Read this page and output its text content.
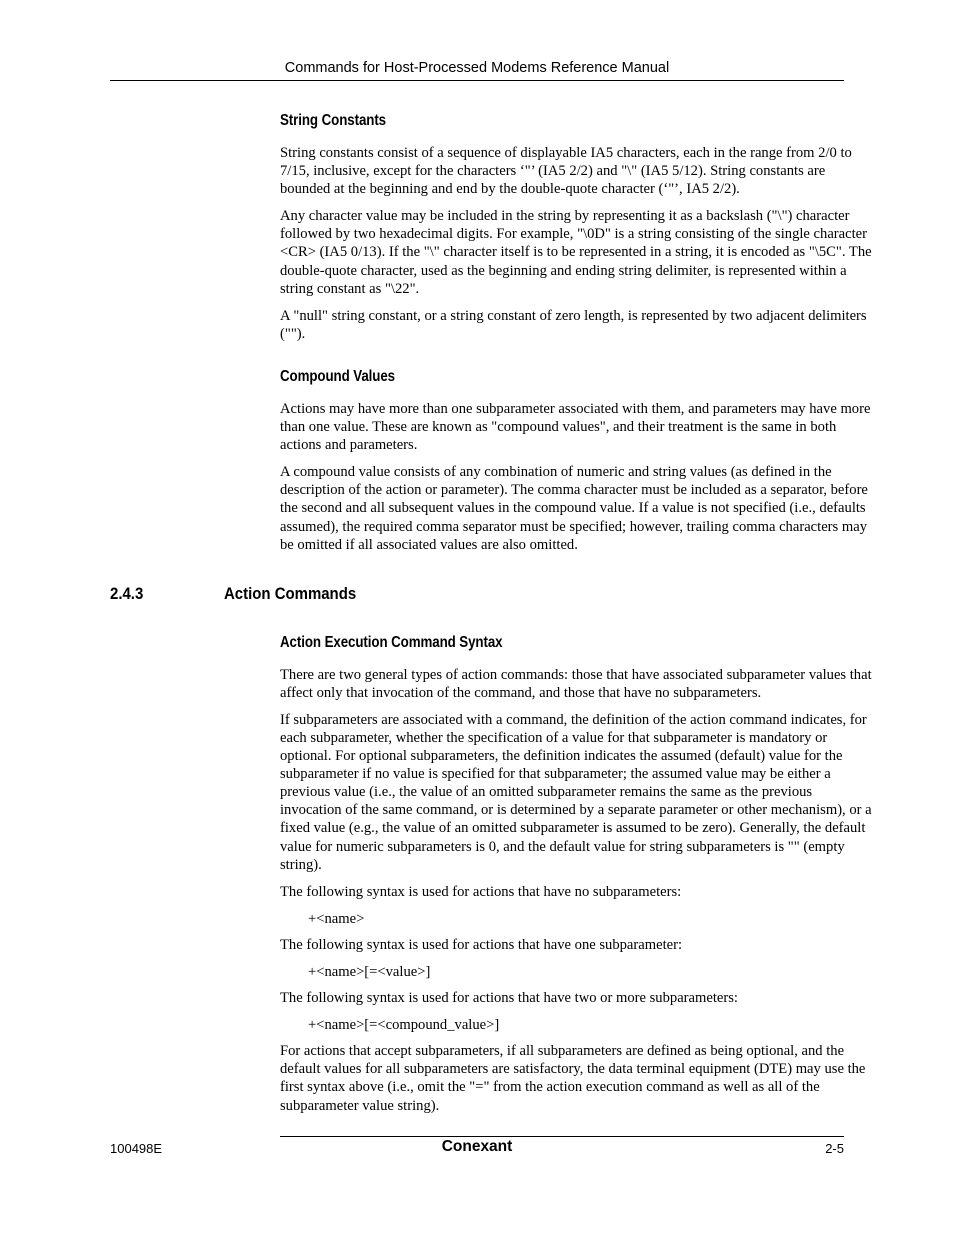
Commands for Host-Processed Modems Reference Manual
String Constants

String constants consist of a sequence of displayable IA5 characters, each in the range from 2/0 to 7/15, inclusive, except for the characters ‘"’ (IA5 2/2) and "\" (IA5 5/12). String constants are bounded at the beginning and end by the double-quote character (‘"’, IA5 2/2).

Any character value may be included in the string by representing it as a backslash ("\") character followed by two hexadecimal digits. For example, "\0D" is a string consisting of the single character <CR> (IA5 0/13). If the "\" character itself is to be represented in a string, it is encoded as "\5C". The double-quote character, used as the beginning and ending string delimiter, is represented within a string constant as "\22".

A "null" string constant, or a string constant of zero length, is represented by two adjacent delimiters ("").

Compound Values

Actions may have more than one subparameter associated with them, and parameters may have more than one value. These are known as "compound values", and their treatment is the same in both actions and parameters.

A compound value consists of any combination of numeric and string values (as defined in the description of the action or parameter). The comma character must be included as a separator, before the second and all subsequent values in the compound value. If a value is not specified (i.e., defaults assumed), the required comma separator must be specified; however, trailing comma characters may be omitted if all associated values are also omitted.

2.4.3	Action Commands
Action Execution Command Syntax

There are two general types of action commands: those that have associated subparameter values that affect only that invocation of the command, and those that have no subparameters.

If subparameters are associated with a command, the definition of the action command indicates, for each subparameter, whether the specification of a value for that subparameter is mandatory or optional. For optional subparameters, the definition indicates the assumed (default) value for the subparameter if no value is specified for that subparameter; the assumed value may be either a previous value (i.e., the value of an omitted subparameter remains the same as the previous invocation of the same command, or is determined by a separate parameter or other mechanism), or a fixed value (e.g., the value of an omitted subparameter is assumed to be zero). Generally, the default value for numeric subparameters is 0, and the default value for string subparameters is "" (empty string).

The following syntax is used for actions that have no subparameters:

+<name>

The following syntax is used for actions that have one subparameter:

+<name>[=<value>]

The following syntax is used for actions that have two or more subparameters:

+<name>[=<compound_value>]

For actions that accept subparameters, if all subparameters are defined as being optional, and the default values for all subparameters are satisfactory, the data terminal equipment (DTE) may use the first syntax above (i.e., omit the "=" from the action execution command as well as all of the subparameter value string).

100498E	Conexant	2-5
